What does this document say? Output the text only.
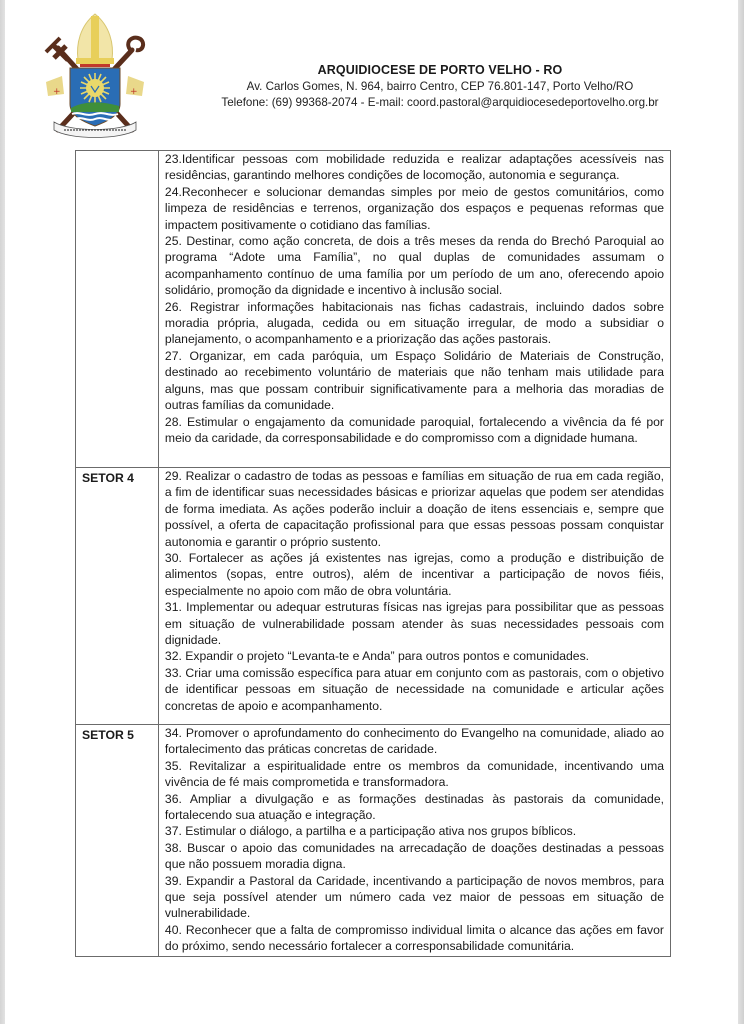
+	+
ARQUIDIOCESE DE PORTO VELHO - RO
Av. Carlos Gomes, N. 964, bairro Centro, CEP 76.801-147, Porto Velho/RO
Telefone: (69) 99368-2074 - E-mail: coord.pastoral@arquidiocesedeportovelho.org.br

23.Identificar pessoas com mobilidade reduzida e realizar adaptações acessíveis nas residências, garantindo melhores condições de locomoção, autonomia e segurança.

24.Reconhecer e solucionar demandas simples por meio de gestos comunitários, como limpeza de residências e terrenos, organização dos espaços e pequenas reformas que impactem positivamente o cotidiano das famílias.

25. Destinar, como ação concreta, de dois a três meses da renda do Brechó Paroquial ao programa “Adote uma Família”, no qual duplas de comunidades assumam o acompanhamento contínuo de uma família por um período de um ano, oferecendo apoio solidário, promoção da dignidade e incentivo à inclusão social.

26. Registrar informações habitacionais nas fichas cadastrais, incluindo dados sobre moradia própria, alugada, cedida ou em situação irregular, de modo a subsidiar o planejamento, o acompanhamento e a priorização das ações pastorais.

27. Organizar, em cada paróquia, um Espaço Solidário de Materiais de Construção, destinado ao recebimento voluntário de materiais que não tenham mais utilidade para alguns, mas que possam contribuir significativamente para a melhoria das moradias de outras famílias da comunidade.

28. Estimular o engajamento da comunidade paroquial, fortalecendo a vivência da fé por meio da caridade, da corresponsabilidade e do compromisso com a dignidade humana.

SETOR 4	29. Realizar o cadastro de todas as pessoas e famílias em situação de rua em cada região, a fim de identificar suas necessidades básicas e priorizar aquelas que podem ser atendidas de forma imediata. As ações poderão incluir a doação de itens essenciais e, sempre que possível, a oferta de capacitação profissional para que essas pessoas possam conquistar autonomia e garantir o próprio sustento.

30. Fortalecer as ações já existentes nas igrejas, como a produção e distribuição de alimentos (sopas, entre outros), além de incentivar a participação de novos fiéis, especialmente no apoio com mão de obra voluntária.

31. Implementar ou adequar estruturas físicas nas igrejas para possibilitar que as pessoas em situação de vulnerabilidade possam atender às suas necessidades pessoais com dignidade.

32. Expandir o projeto “Levanta-te e Anda” para outros pontos e comunidades.

33. Criar uma comissão específica para atuar em conjunto com as pastorais, com o objetivo de identificar pessoas em situação de necessidade na comunidade e articular ações concretas de apoio e acompanhamento.

SETOR 5	34. Promover o aprofundamento do conhecimento do Evangelho na comunidade, aliado ao fortalecimento das práticas concretas de caridade.

35. Revitalizar a espiritualidade entre os membros da comunidade, incentivando uma vivência de fé mais comprometida e transformadora.

36. Ampliar a divulgação e as formações destinadas às pastorais da comunidade, fortalecendo sua atuação e integração.

37. Estimular o diálogo, a partilha e a participação ativa nos grupos bíblicos.

38. Buscar o apoio das comunidades na arrecadação de doações destinadas a pessoas que não possuem moradia digna.

39. Expandir a Pastoral da Caridade, incentivando a participação de novos membros, para que seja possível atender um número cada vez maior de pessoas em situação de vulnerabilidade.

40. Reconhecer que a falta de compromisso individual limita o alcance das ações em favor do próximo, sendo necessário fortalecer a corresponsabilidade comunitária.
